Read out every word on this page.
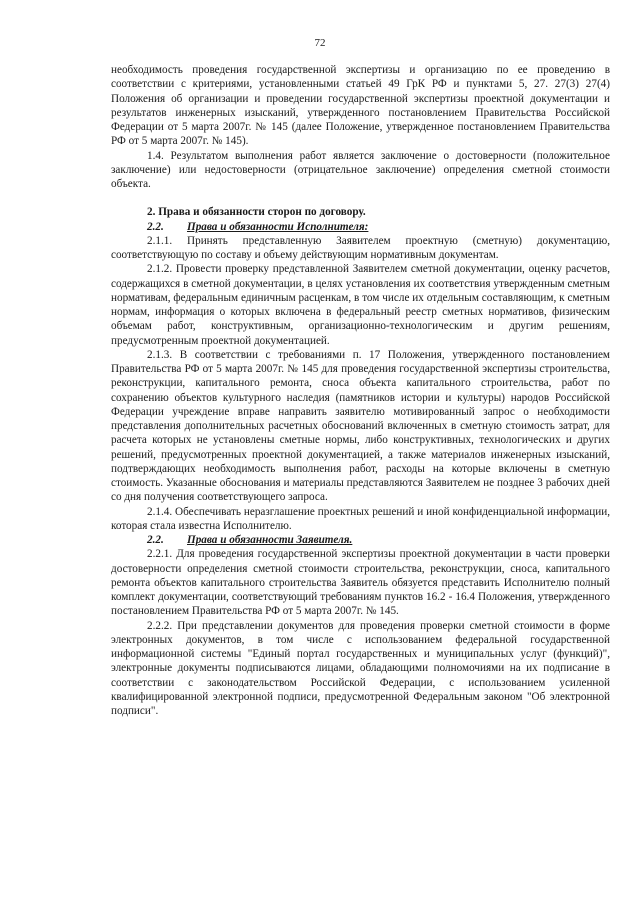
72

необходимость проведения государственной экспертизы и организацию по ее проведению в соответствии с критериями, установленными статьей 49 ГрК РФ и пунктами 5, 27. 27(3) 27(4) Положения об организации и проведении государственной экспертизы проектной документации и результатов инженерных изысканий, утвержденного постановлением Правительства Российской Федерации от 5 марта 2007г. № 145 (далее Положение, утвержденное постановлением Правительства РФ от 5 марта 2007г. № 145).

1.4. Результатом выполнения работ является заключение о достоверности (положительное заключение) или недостоверности (отрицательное заключение) определения сметной стоимости объекта.

2. Права и обязанности сторон по договору.

2.2. Права и обязанности Исполнителя:

2.1.1. Принять представленную Заявителем проектную (сметную) документацию, соответствующую по составу и объему действующим нормативным документам.

2.1.2. Провести проверку представленной Заявителем сметной документации, оценку расчетов, содержащихся в сметной документации, в целях установления их соответствия утвержденным сметным нормативам, федеральным единичным расценкам, в том числе их отдельным составляющим, к сметным нормам, информация о которых включена в федеральный реестр сметных нормативов, физическим объемам работ, конструктивным, организационно-технологическим и другим решениям, предусмотренным проектной документацией.

2.1.3. В соответствии с требованиями п. 17 Положения, утвержденного постановлением Правительства РФ от 5 марта 2007г. № 145 для проведения государственной экспертизы строительства, реконструкции, капитального ремонта, сноса объекта капитального строительства, работ по сохранению объектов культурного наследия (памятников истории и культуры) народов Российской Федерации учреждение вправе направить заявителю мотивированный запрос о необходимости представления дополнительных расчетных обоснований включенных в сметную стоимость затрат, для расчета которых не установлены сметные нормы, либо конструктивных, технологических и других решений, предусмотренных проектной документацией, а также материалов инженерных изысканий, подтверждающих необходимость выполнения работ, расходы на которые включены в сметную стоимость. Указанные обоснования и материалы представляются Заявителем не позднее 3 рабочих дней со дня получения соответствующего запроса.

2.1.4. Обеспечивать неразглашение проектных решений и иной конфиденциальной информации, которая стала известна Исполнителю.

2.2. Права и обязанности Заявителя.

2.2.1. Для проведения государственной экспертизы проектной документации в части проверки достоверности определения сметной стоимости строительства, реконструкции, сноса, капитального ремонта объектов капитального строительства Заявитель обязуется представить Исполнителю полный комплект документации, соответствующий требованиям пунктов 16.2 - 16.4 Положения, утвержденного постановлением Правительства РФ от 5 марта 2007г. № 145.

2.2.2. При представлении документов для проведения проверки сметной стоимости в форме электронных документов, в том числе с использованием федеральной государственной информационной системы "Единый портал государственных и муниципальных услуг (функций)", электронные документы подписываются лицами, обладающими полномочиями на их подписание в соответствии с законодательством Российской Федерации, с использованием усиленной квалифицированной электронной подписи, предусмотренной Федеральным законом "Об электронной подписи".
